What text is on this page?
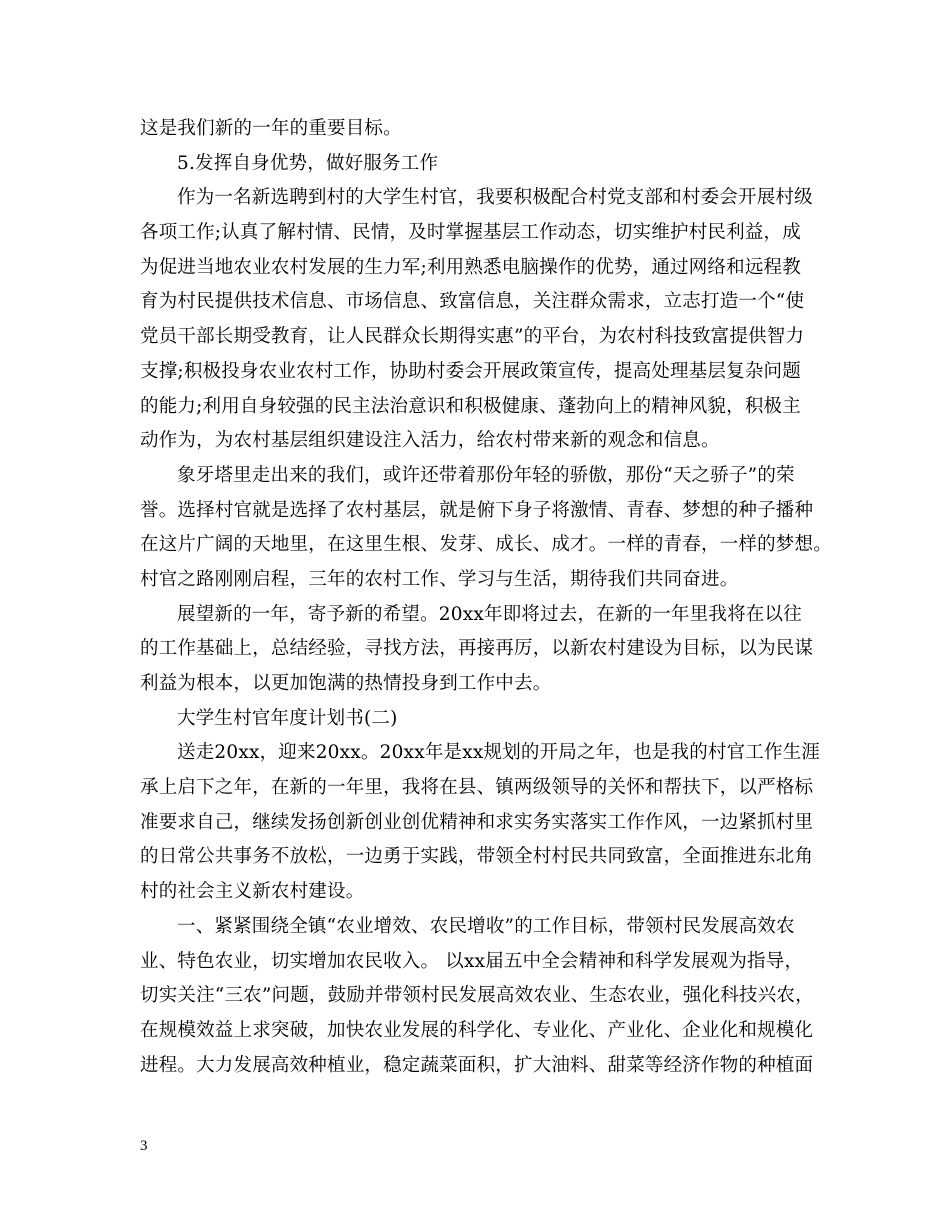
这是我们新的一年的重要目标。
5.发挥自身优势，做好服务工作
作为一名新选聘到村的大学生村官，我要积极配合村党支部和村委会开展村级
各项工作;认真了解村情、民情，及时掌握基层工作动态，切实维护村民利益，成
为促进当地农业农村发展的生力军;利用熟悉电脑操作的优势，通过网络和远程教
育为村民提供技术信息、市场信息、致富信息，关注群众需求，立志打造一个“使
党员干部长期受教育，让人民群众长期得实惠”的平台，为农村科技致富提供智力
支撑;积极投身农业农村工作，协助村委会开展政策宣传，提高处理基层复杂问题
的能力;利用自身较强的民主法治意识和积极健康、蓬勃向上的精神风貌，积极主
动作为，为农村基层组织建设注入活力，给农村带来新的观念和信息。
象牙塔里走出来的我们，或许还带着那份年轻的骄傲，那份“天之骄子”的荣
誉。选择村官就是选择了农村基层，就是俯下身子将激情、青春、梦想的种子播种
在这片广阔的天地里，在这里生根、发芽、成长、成才。一样的青春，一样的梦想。
村官之路刚刚启程，三年的农村工作、学习与生活，期待我们共同奋进。
展望新的一年，寄予新的希望。20xx年即将过去，在新的一年里我将在以往
的工作基础上，总结经验，寻找方法，再接再厉，以新农村建设为目标，以为民谋
利益为根本，以更加饱满的热情投身到工作中去。
大学生村官年度计划书(二)
送走20xx，迎来20xx。20xx年是xx规划的开局之年，也是我的村官工作生涯
承上启下之年，在新的一年里，我将在县、镇两级领导的关怀和帮扶下，以严格标
准要求自己，继续发扬创新创业创优精神和求实务实落实工作作风，一边紧抓村里
的日常公共事务不放松，一边勇于实践，带领全村村民共同致富，全面推进东北角
村的社会主义新农村建设。
一、紧紧围绕全镇“农业增效、农民增收”的工作目标，带领村民发展高效农
业、特色农业，切实增加农民收入。 以xx届五中全会精神和科学发展观为指导，
切实关注“三农”问题，鼓励并带领村民发展高效农业、生态农业，强化科技兴农，
在规模效益上求突破，加快农业发展的科学化、专业化、产业化、企业化和规模化
进程。大力发展高效种植业，稳定蔬菜面积，扩大油料、甜菜等经济作物的种植面
3
